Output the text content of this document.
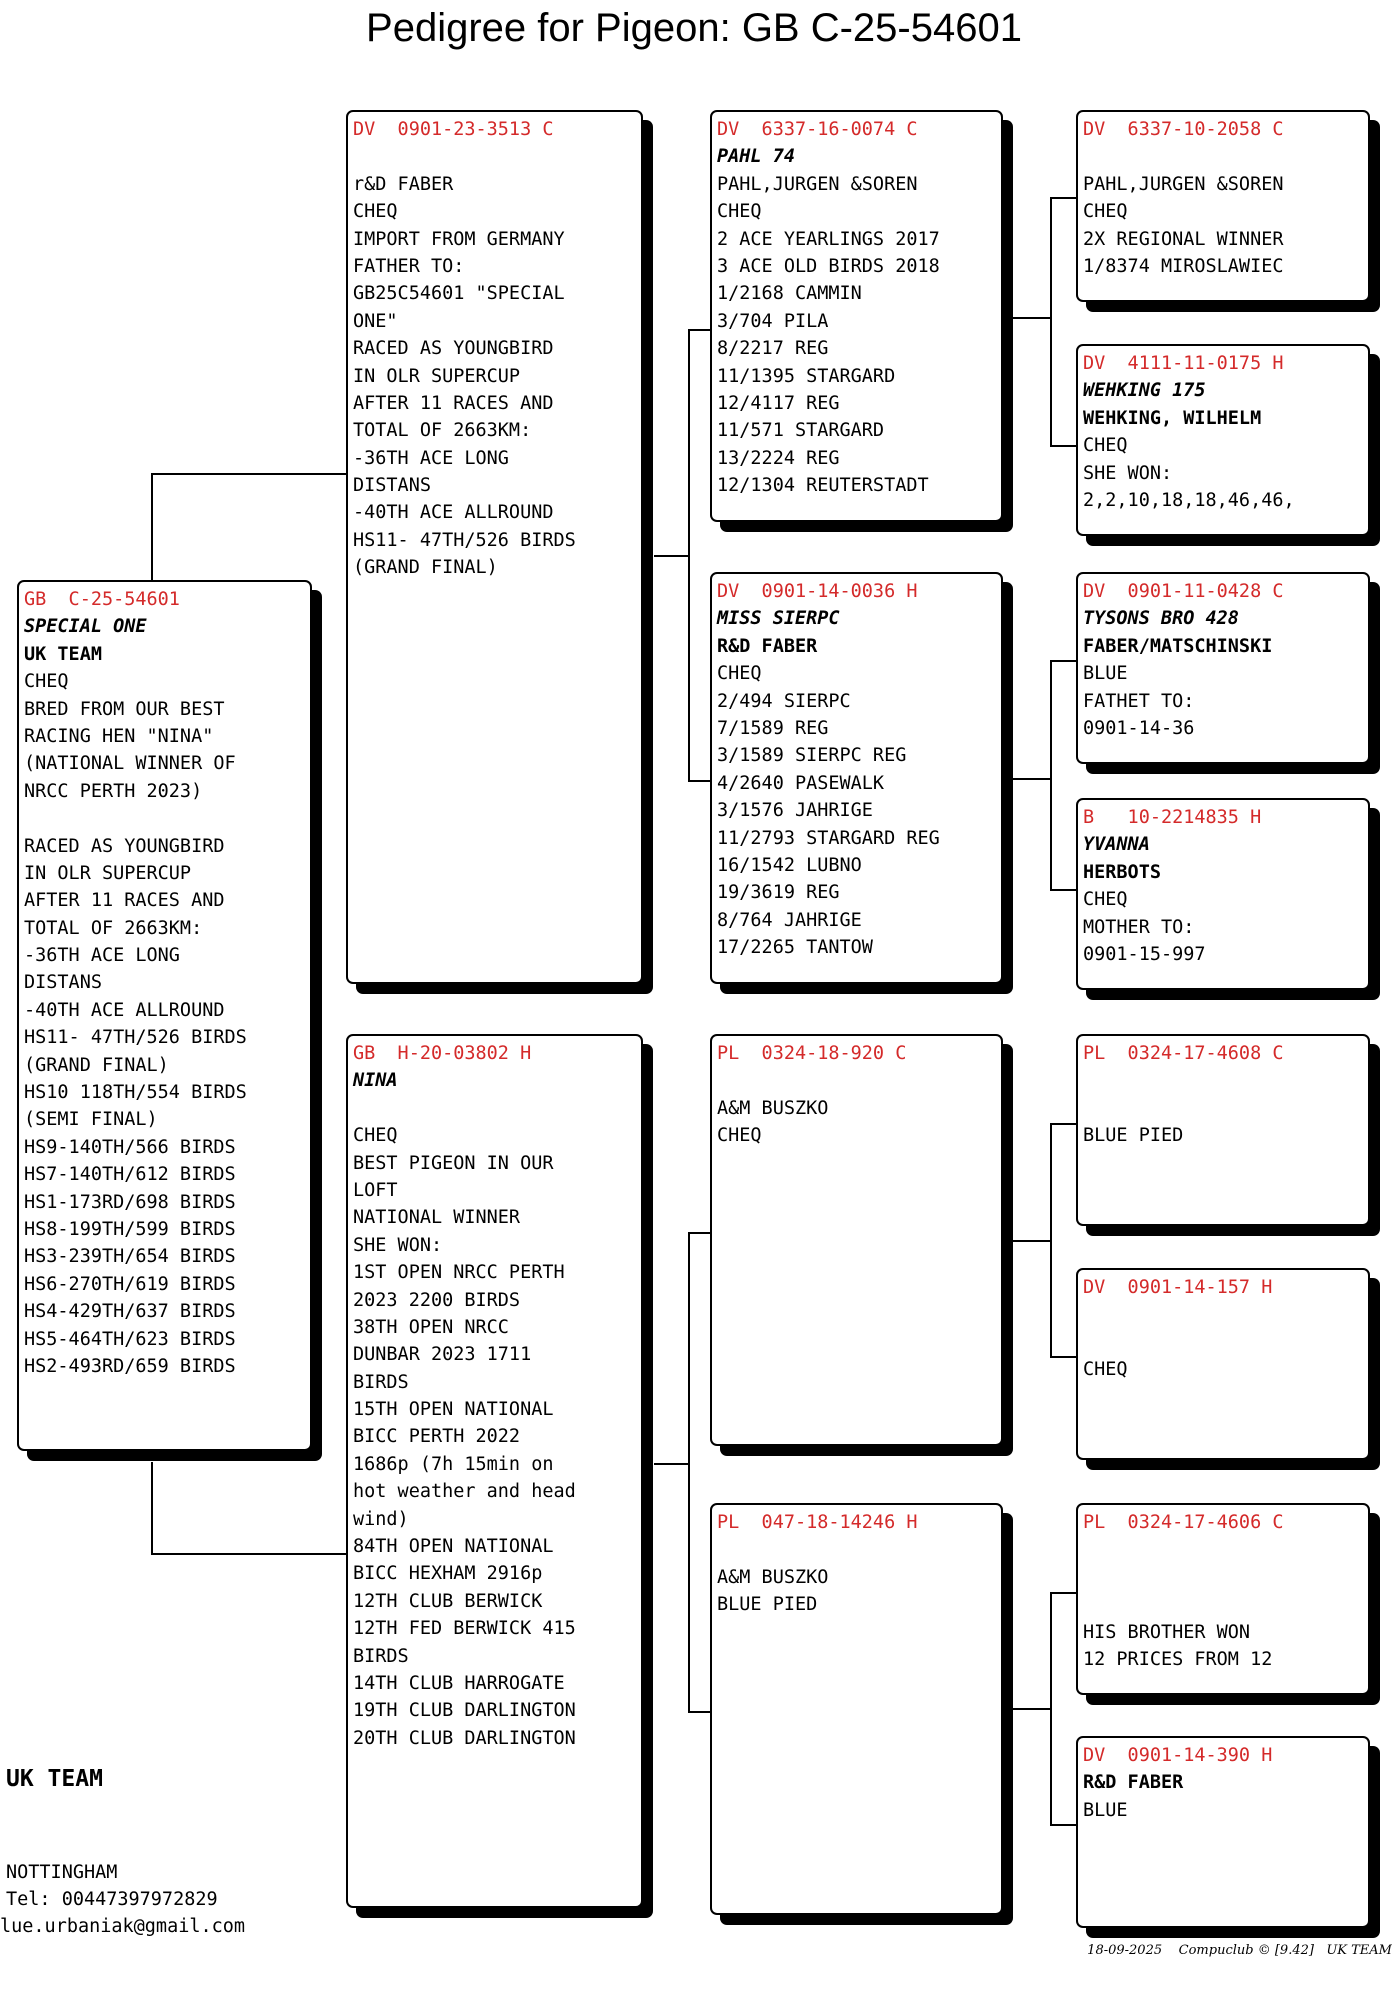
Pedigree for Pigeon: GB C-25-54601
GB  C-25-54601
SPECIAL ONE
UK TEAM
CHEQ
BRED FROM OUR BEST
RACING HEN "NINA"
(NATIONAL WINNER OF
NRCC PERTH 2023)
RACED AS YOUNGBIRD
IN OLR SUPERCUP
AFTER 11 RACES AND
TOTAL OF 2663KM:
-36TH ACE LONG
DISTANS
-40TH ACE ALLROUND
HS11- 47TH/526 BIRDS
(GRAND FINAL)
HS10 118TH/554 BIRDS
(SEMI FINAL)
HS9-140TH/566 BIRDS
HS7-140TH/612 BIRDS
HS1-173RD/698 BIRDS
HS8-199TH/599 BIRDS
HS3-239TH/654 BIRDS
HS6-270TH/619 BIRDS
HS4-429TH/637 BIRDS
HS5-464TH/623 BIRDS
HS2-493RD/659 BIRDS
DV  0901-23-3513 C
r&D FABER
CHEQ
IMPORT FROM GERMANY
FATHER TO:
GB25C54601 "SPECIAL
ONE"
RACED AS YOUNGBIRD
IN OLR SUPERCUP
AFTER 11 RACES AND
TOTAL OF 2663KM:
-36TH ACE LONG
DISTANS
-40TH ACE ALLROUND
HS11- 47TH/526 BIRDS
(GRAND FINAL)
GB  H-20-03802 H
NINA
CHEQ
BEST PIGEON IN OUR
LOFT
NATIONAL WINNER
SHE WON:
1ST OPEN NRCC PERTH
2023 2200 BIRDS
38TH OPEN NRCC
DUNBAR 2023 1711
BIRDS
15TH OPEN NATIONAL
BICC PERTH 2022
1686p (7h 15min on
hot weather and head
wind)
84TH OPEN NATIONAL
BICC HEXHAM 2916p
12TH CLUB BERWICK
12TH FED BERWICK 415
BIRDS
14TH CLUB HARROGATE
19TH CLUB DARLINGTON
20TH CLUB DARLINGTON
DV  6337-16-0074 C
PAHL 74
PAHL,JURGEN &SOREN
CHEQ
2 ACE YEARLINGS 2017
3 ACE OLD BIRDS 2018
1/2168 CAMMIN
3/704 PILA
8/2217 REG
11/1395 STARGARD
12/4117 REG
11/571 STARGARD
13/2224 REG
12/1304 REUTERSTADT
DV  0901-14-0036 H
MISS SIERPC
R&D FABER
CHEQ
2/494 SIERPC
7/1589 REG
3/1589 SIERPC REG
4/2640 PASEWALK
3/1576 JAHRIGE
11/2793 STARGARD REG
16/1542 LUBNO
19/3619 REG
8/764 JAHRIGE
17/2265 TANTOW
PL  0324-18-920 C
A&M BUSZKO
CHEQ
PL  047-18-14246 H
A&M BUSZKO
BLUE PIED
DV  6337-10-2058 C
PAHL,JURGEN &SOREN
CHEQ
2X REGIONAL WINNER
1/8374 MIROSLAWIEC
DV  4111-11-0175 H
WEHKING 175
WEHKING, WILHELM
CHEQ
SHE WON:
2,2,10,18,18,46,46,
DV  0901-11-0428 C
TYSONS BRO 428
FABER/MATSCHINSKI
BLUE
FATHET TO:
0901-14-36
B   10-2214835 H
YVANNA
HERBOTS
CHEQ
MOTHER TO:
0901-15-997
PL  0324-17-4608 C
BLUE PIED
DV  0901-14-157 H
CHEQ
PL  0324-17-4606 C
HIS BROTHER WON
12 PRICES FROM 12
DV  0901-14-390 H
R&D FABER
BLUE
UK TEAM
NOTTINGHAM
Tel: 00447397972829
lue.urbaniak@gmail.com
18-09-2025    Compuclub © [9.42]   UK TEAM
